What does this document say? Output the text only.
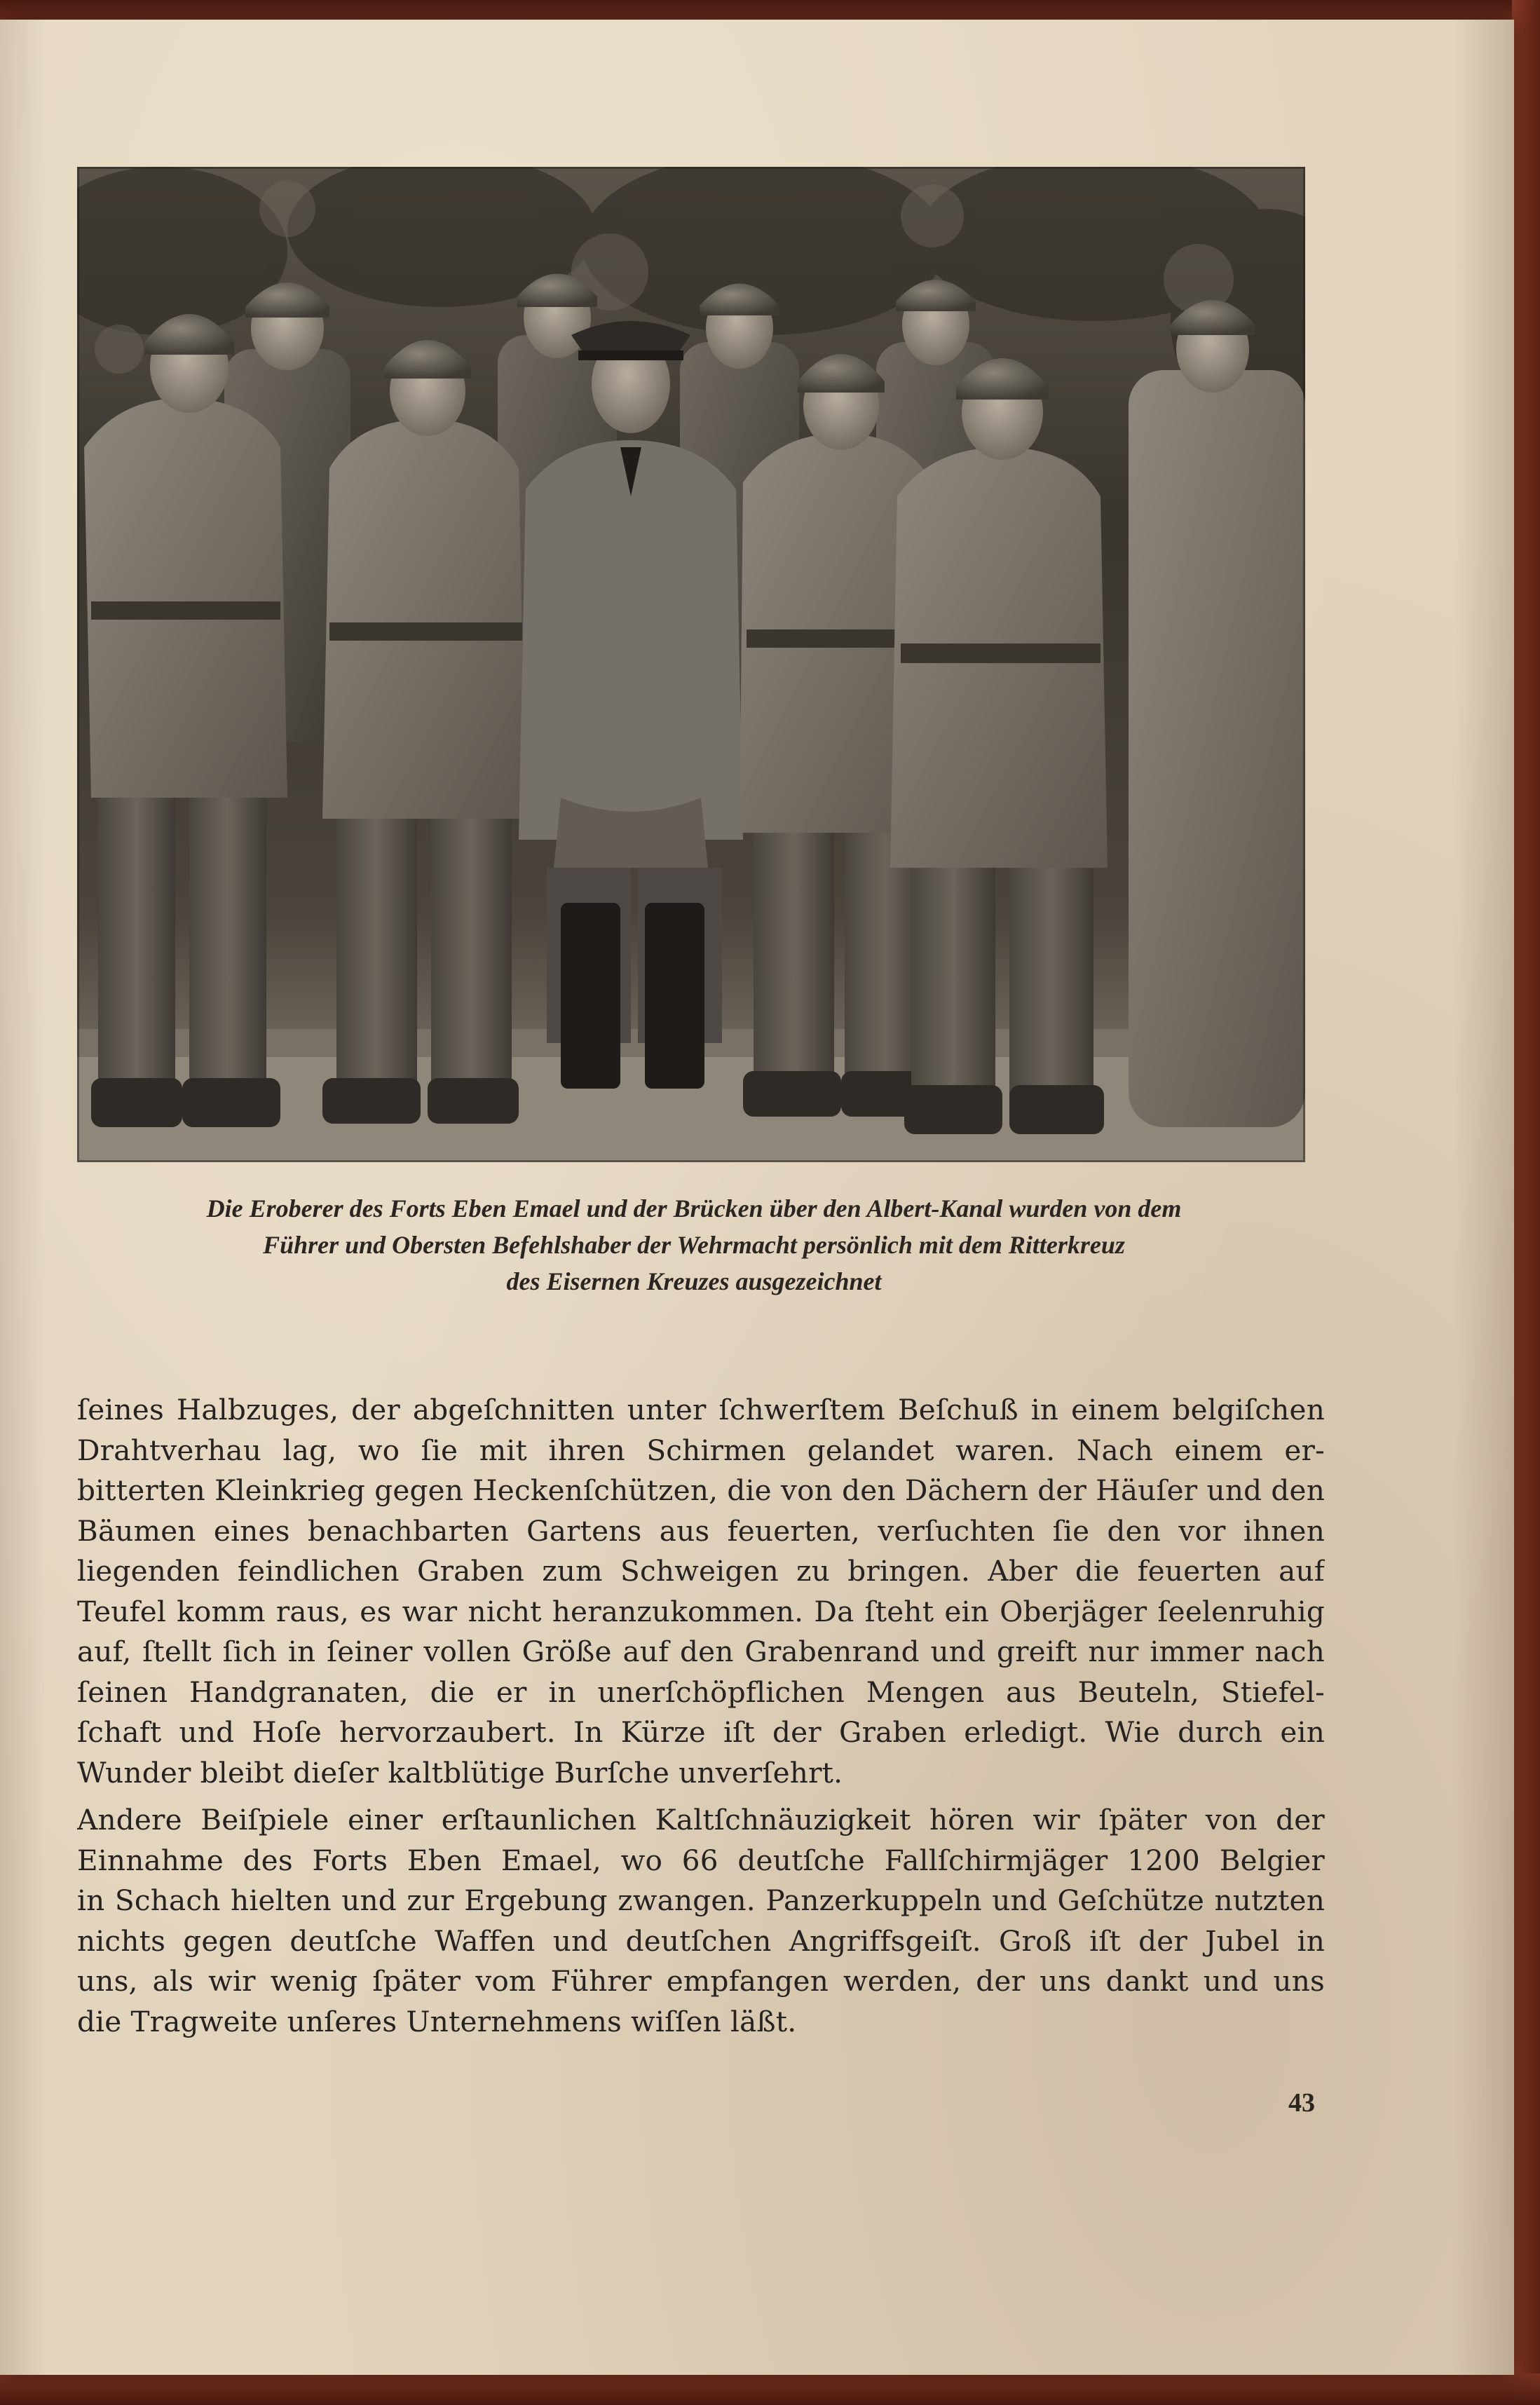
Die Eroberer des Forts Eben Emael und der Brücken über den Albert-Kanal wurden von dem
Führer und Obersten Befehlshaber der Wehrmacht persönlich mit dem Ritterkreuz
des Eisernen Kreuzes ausgezeichnet

ſeines Halbzuges, der abgeſchnitten unter ſchwerſtem Beſchuß in einem belgiſchen
Drahtverhau lag, wo ſie mit ihren Schirmen gelandet waren. Nach einem er-
bitterten Kleinkrieg gegen Heckenſchützen, die von den Dächern der Häuſer und den
Bäumen eines benachbarten Gartens aus feuerten, verſuchten ſie den vor ihnen
liegenden feindlichen Graben zum Schweigen zu bringen. Aber die feuerten auf
Teufel komm raus, es war nicht heranzukommen. Da ſteht ein Oberjäger ſeelenruhig
auf, ſtellt ſich in ſeiner vollen Größe auf den Grabenrand und greift nur immer nach
ſeinen Handgranaten, die er in unerſchöpflichen Mengen aus Beuteln, Stiefel-
ſchaft und Hoſe hervorzaubert. In Kürze iſt der Graben erledigt. Wie durch ein
Wunder bleibt dieſer kaltblütige Burſche unverſehrt.

Andere Beiſpiele einer erſtaunlichen Kaltſchnäuzigkeit hören wir ſpäter von der
Einnahme des Forts Eben Emael, wo 66 deutſche Fallſchirmjäger 1200 Belgier
in Schach hielten und zur Ergebung zwangen. Panzerkuppeln und Geſchütze nutzten
nichts gegen deutſche Waffen und deutſchen Angriffsgeiſt. Groß iſt der Jubel in
uns, als wir wenig ſpäter vom Führer empfangen werden, der uns dankt und uns
die Tragweite unſeres Unternehmens wiſſen läßt.

43
